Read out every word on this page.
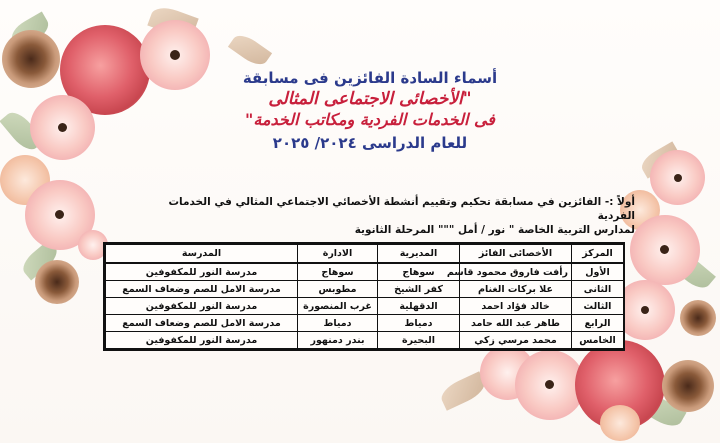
أسماء السادة الفائزين فى مسابقة
"الأخصائى الاجتماعى المثالى
فى الخدمات الفردية ومكاتب الخدمة"
للعام الدراسى ٢٠٢٤/ ٢٠٢٥
أولاً :- الفائزين في مسابقة تحكيم وتقييم أنشطة الأخصائي الاجتماعي المثالي في الخدمات الفردية
لمدارس التربية الخاصة " نور / أمل """ المرحلة الثانوية
المركز	الأخصائى الفائز	المديرية	الادارة	المدرسة
الأول	رأفت فاروق محمود قاسم	سوهاج	سوهاج	مدرسة النور للمكفوفين
الثانى	علا بركات الغنام	كفر الشيخ	مطوبس	مدرسة الامل للصم وضعاف السمع
الثالث	خالد فؤاد احمد	الدقهلية	غرب المنصورة	مدرسة النور للمكفوفين
الرابع	طاهر عبد الله حامد	دمياط	دمياط	مدرسة الامل للصم وضعاف السمع
الخامس	محمد مرسي زكي	البحيرة	بندر دمنهور	مدرسة النور للمكفوفين
